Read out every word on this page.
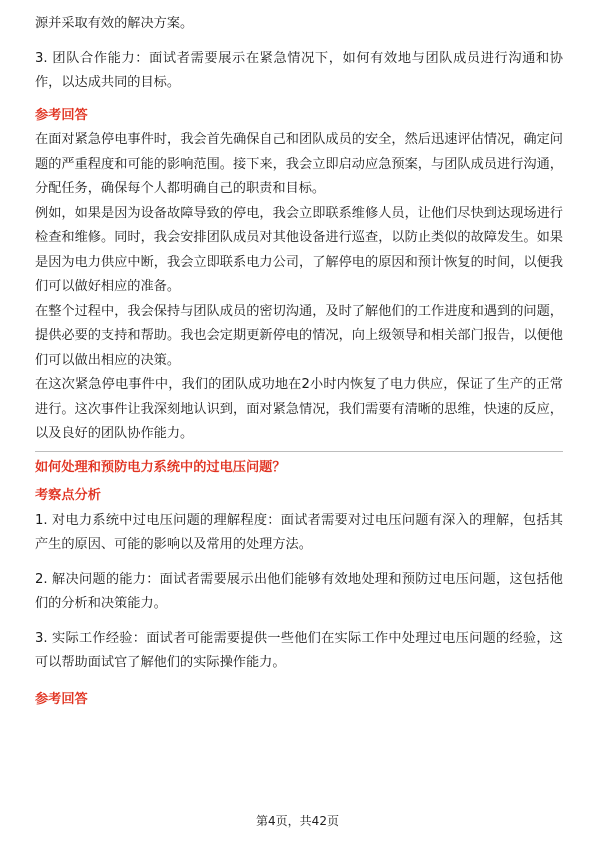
源并采取有效的解决方案。

3. 团队合作能力：面试者需要展示在紧急情况下，如何有效地与团队成员进行沟通和协作，以达成共同的目标。

参考回答

在面对紧急停电事件时，我会首先确保自己和团队成员的安全，然后迅速评估情况，确定问题的严重程度和可能的影响范围。接下来，我会立即启动应急预案，与团队成员进行沟通，分配任务，确保每个人都明确自己的职责和目标。

例如，如果是因为设备故障导致的停电，我会立即联系维修人员，让他们尽快到达现场进行检查和维修。同时，我会安排团队成员对其他设备进行巡查，以防止类似的故障发生。如果是因为电力供应中断，我会立即联系电力公司，了解停电的原因和预计恢复的时间，以便我们可以做好相应的准备。

在整个过程中，我会保持与团队成员的密切沟通，及时了解他们的工作进度和遇到的问题，提供必要的支持和帮助。我也会定期更新停电的情况，向上级领导和相关部门报告，以便他们可以做出相应的决策。

在这次紧急停电事件中，我们的团队成功地在2小时内恢复了电力供应，保证了生产的正常进行。这次事件让我深刻地认识到，面对紧急情况，我们需要有清晰的思维，快速的反应，以及良好的团队协作能力。

如何处理和预防电力系统中的过电压问题？
考察点分析

1. 对电力系统中过电压问题的理解程度：面试者需要对过电压问题有深入的理解，包括其产生的原因、可能的影响以及常用的处理方法。

2. 解决问题的能力：面试者需要展示出他们能够有效地处理和预防过电压问题，这包括他们的分析和决策能力。

3. 实际工作经验：面试者可能需要提供一些他们在实际工作中处理过电压问题的经验，这可以帮助面试官了解他们的实际操作能力。

参考回答
第4页，共42页
